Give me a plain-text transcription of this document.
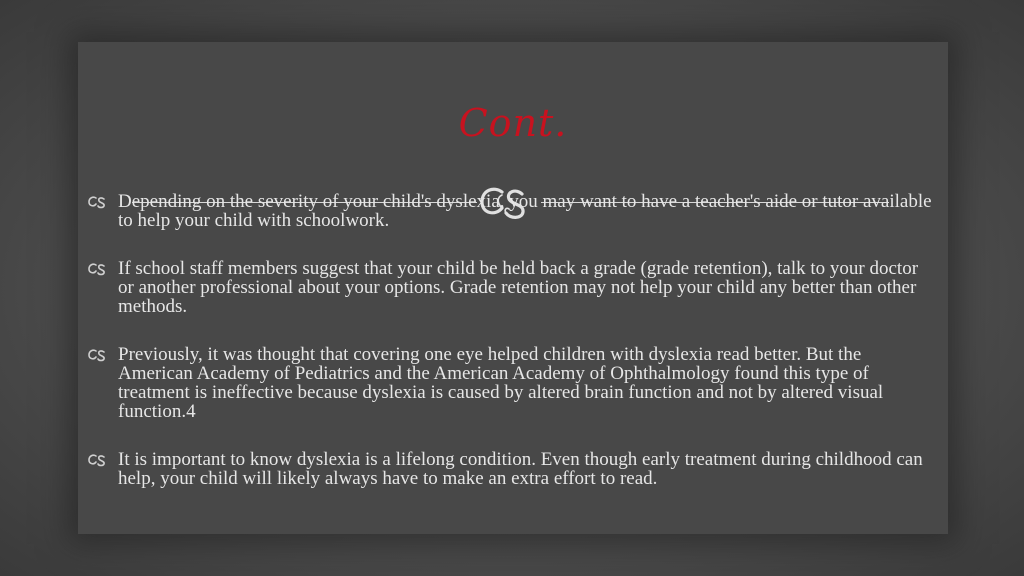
Cont.
Depending on the severity of your child's dyslexia, you may want to have a teacher's aide or tutor available to help your child with schoolwork.
If school staff members suggest that your child be held back a grade (grade retention), talk to your doctor or another professional about your options. Grade retention may not help your child any better than other methods.
Previously, it was thought that covering one eye helped children with dyslexia read better. But the American Academy of Pediatrics and the American Academy of Ophthalmology found this type of treatment is ineffective because dyslexia is caused by altered brain function and not by altered visual function.4
It is important to know dyslexia is a lifelong condition. Even though early treatment during childhood can help, your child will likely always have to make an extra effort to read.
